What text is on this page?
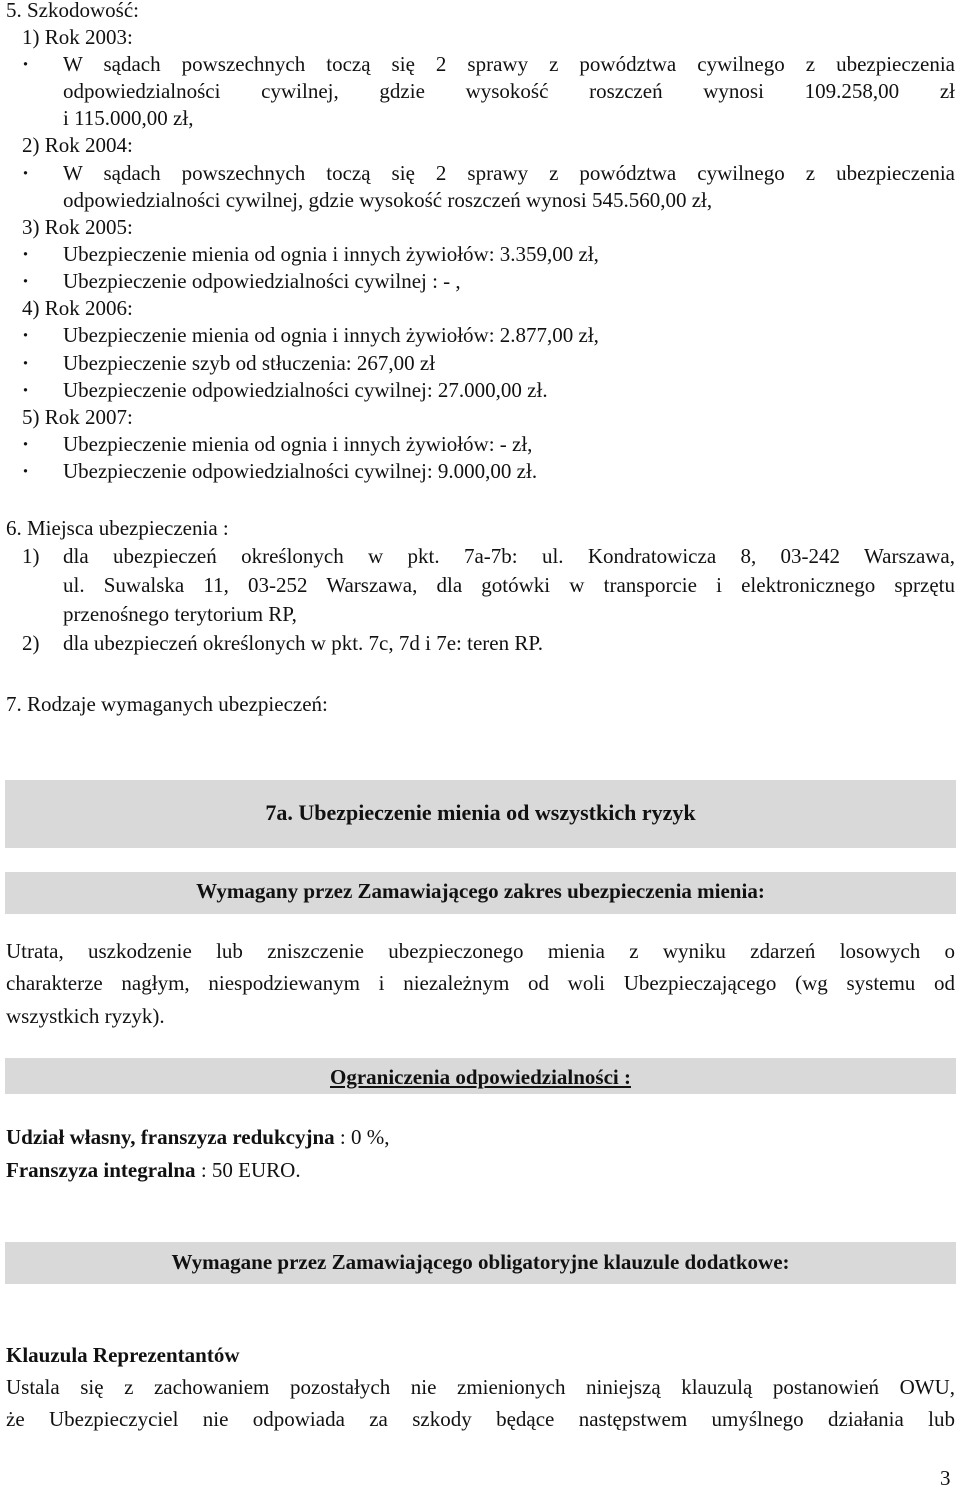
5. Szkodowość:
1) Rok 2003:
· W sądach powszechnych toczą się 2 sprawy z powództwa cywilnego z ubezpieczenia
odpowiedzialności cywilnej, gdzie wysokość roszczeń wynosi 109.258,00 zł
i 115.000,00 zł,
2) Rok 2004:
· W sądach powszechnych toczą się 2 sprawy z powództwa cywilnego z ubezpieczenia
odpowiedzialności cywilnej, gdzie wysokość roszczeń wynosi 545.560,00 zł,
3) Rok 2005:
· Ubezpieczenie mienia od ognia i innych żywiołów: 3.359,00 zł,
· Ubezpieczenie odpowiedzialności cywilnej : - ,
4) Rok 2006:
· Ubezpieczenie mienia od ognia i innych żywiołów: 2.877,00 zł,
· Ubezpieczenie szyb od stłuczenia: 267,00 zł
· Ubezpieczenie odpowiedzialności cywilnej: 27.000,00 zł.
5) Rok 2007:
· Ubezpieczenie mienia od ognia i innych żywiołów: - zł,
· Ubezpieczenie odpowiedzialności cywilnej: 9.000,00 zł.
6. Miejsca ubezpieczenia :
1) dla ubezpieczeń określonych w pkt. 7a-7b: ul. Kondratowicza 8, 03-242 Warszawa,
ul. Suwalska 11, 03-252 Warszawa, dla gotówki w transporcie i elektronicznego sprzętu
przenośnego terytorium RP,
2) dla ubezpieczeń określonych w pkt. 7c, 7d i 7e: teren RP.
7. Rodzaje wymaganych ubezpieczeń:
7a. Ubezpieczenie mienia od wszystkich ryzyk
Wymagany przez Zamawiającego zakres ubezpieczenia mienia:
Utrata, uszkodzenie lub zniszczenie ubezpieczonego mienia z wyniku zdarzeń losowych o
charakterze nagłym, niespodziewanym i niezależnym od woli Ubezpieczającego (wg systemu od
wszystkich ryzyk).
Ograniczenia odpowiedzialności :
Udział własny, franszyza redukcyjna : 0 %,
Franszyza integralna : 50 EURO.
Wymagane przez Zamawiającego obligatoryjne klauzule dodatkowe:
Klauzula Reprezentantów
Ustala się z zachowaniem pozostałych nie zmienionych niniejszą klauzulą postanowień OWU,
że Ubezpieczyciel nie odpowiada za szkody będące następstwem umyślnego działania lub
3
